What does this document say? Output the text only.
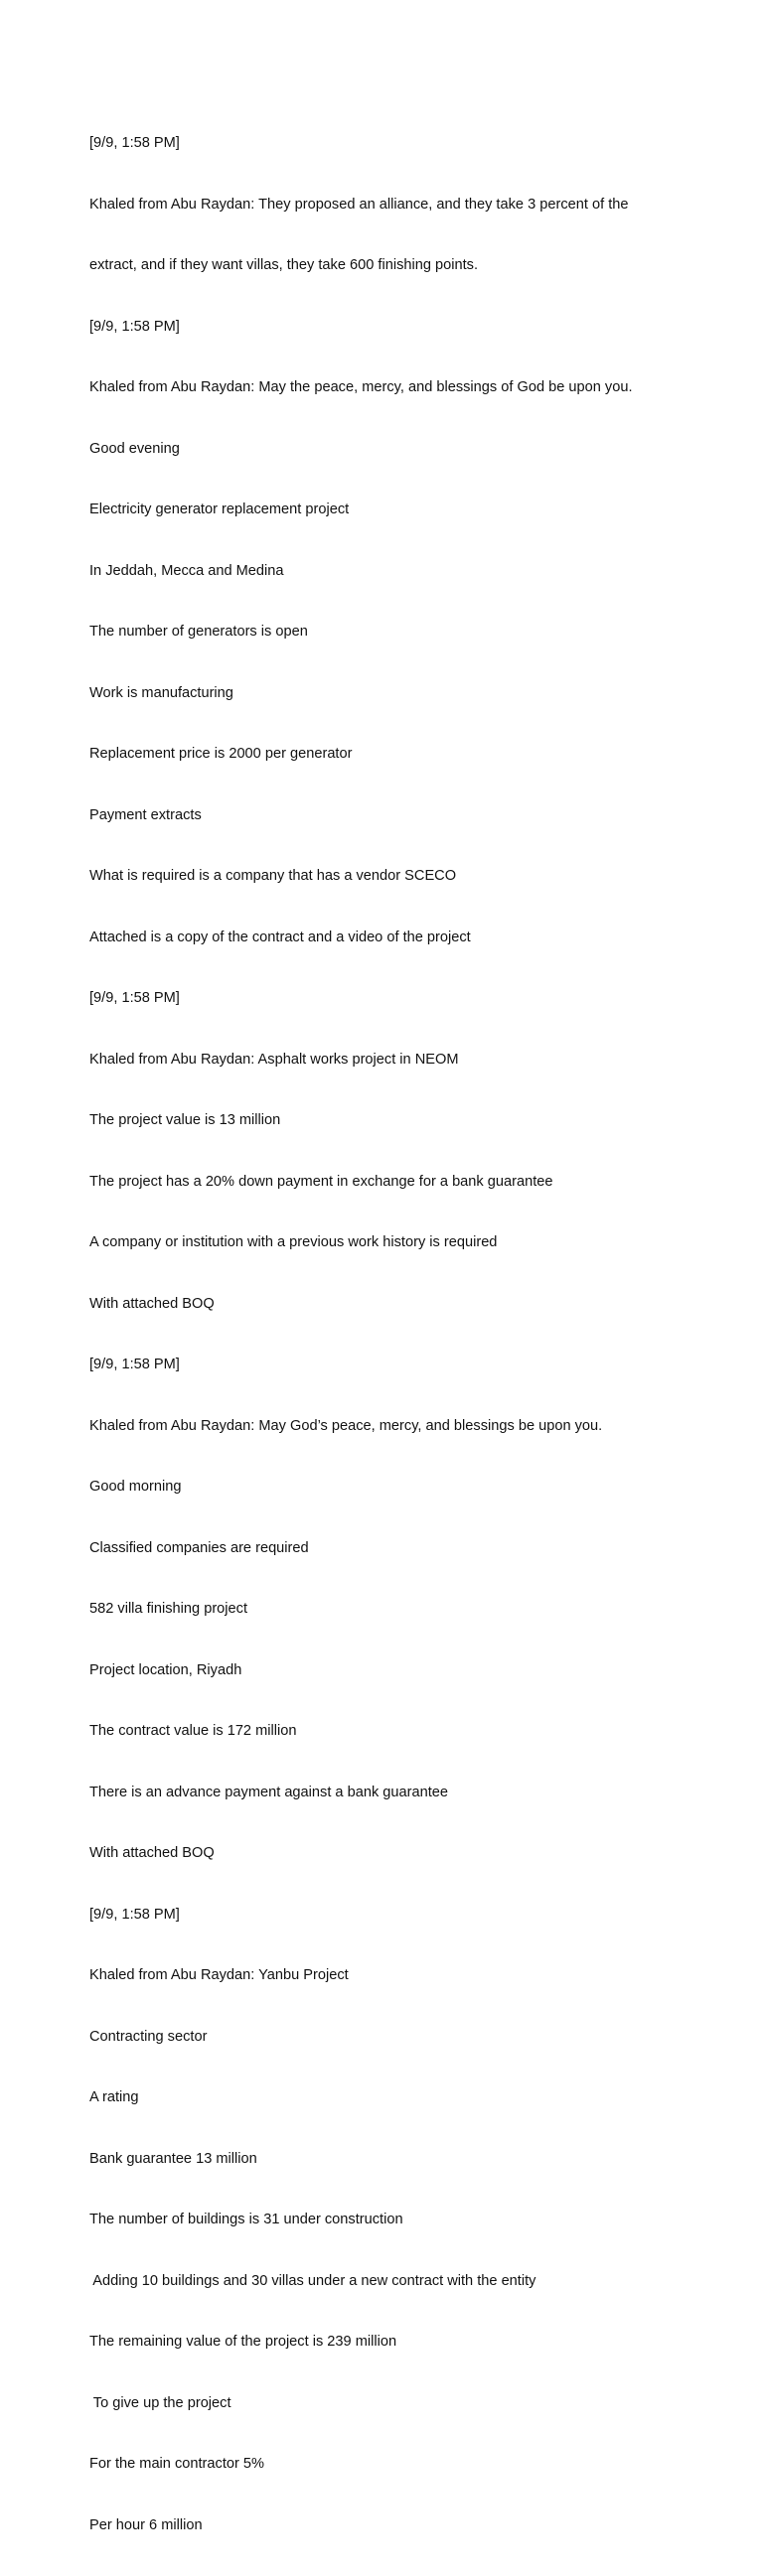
[9/9, 1:58 PM]

Khaled from Abu Raydan: They proposed an alliance, and they take 3 percent of the

extract, and if they want villas, they take 600 finishing points.

[9/9, 1:58 PM]

Khaled from Abu Raydan: May the peace, mercy, and blessings of God be upon you.

Good evening

Electricity generator replacement project

In Jeddah, Mecca and Medina

The number of generators is open

Work is manufacturing

Replacement price is 2000 per generator

Payment extracts

What is required is a company that has a vendor SCECO

Attached is a copy of the contract and a video of the project

[9/9, 1:58 PM]

Khaled from Abu Raydan: Asphalt works project in NEOM

The project value is 13 million

The project has a 20% down payment in exchange for a bank guarantee

A company or institution with a previous work history is required

With attached BOQ

[9/9, 1:58 PM]

Khaled from Abu Raydan: May God’s peace, mercy, and blessings be upon you.

Good morning

Classified companies are required

582 villa finishing project

Project location, Riyadh

The contract value is 172 million

There is an advance payment against a bank guarantee

With attached BOQ

[9/9, 1:58 PM]

Khaled from Abu Raydan: Yanbu Project

Contracting sector

A rating

Bank guarantee 13 million

The number of buildings is 31 under construction

Adding 10 buildings and 30 villas under a new contract with the entity

The remaining value of the project is 239 million

To give up the project

For the main contractor 5%

Per hour 6 million
